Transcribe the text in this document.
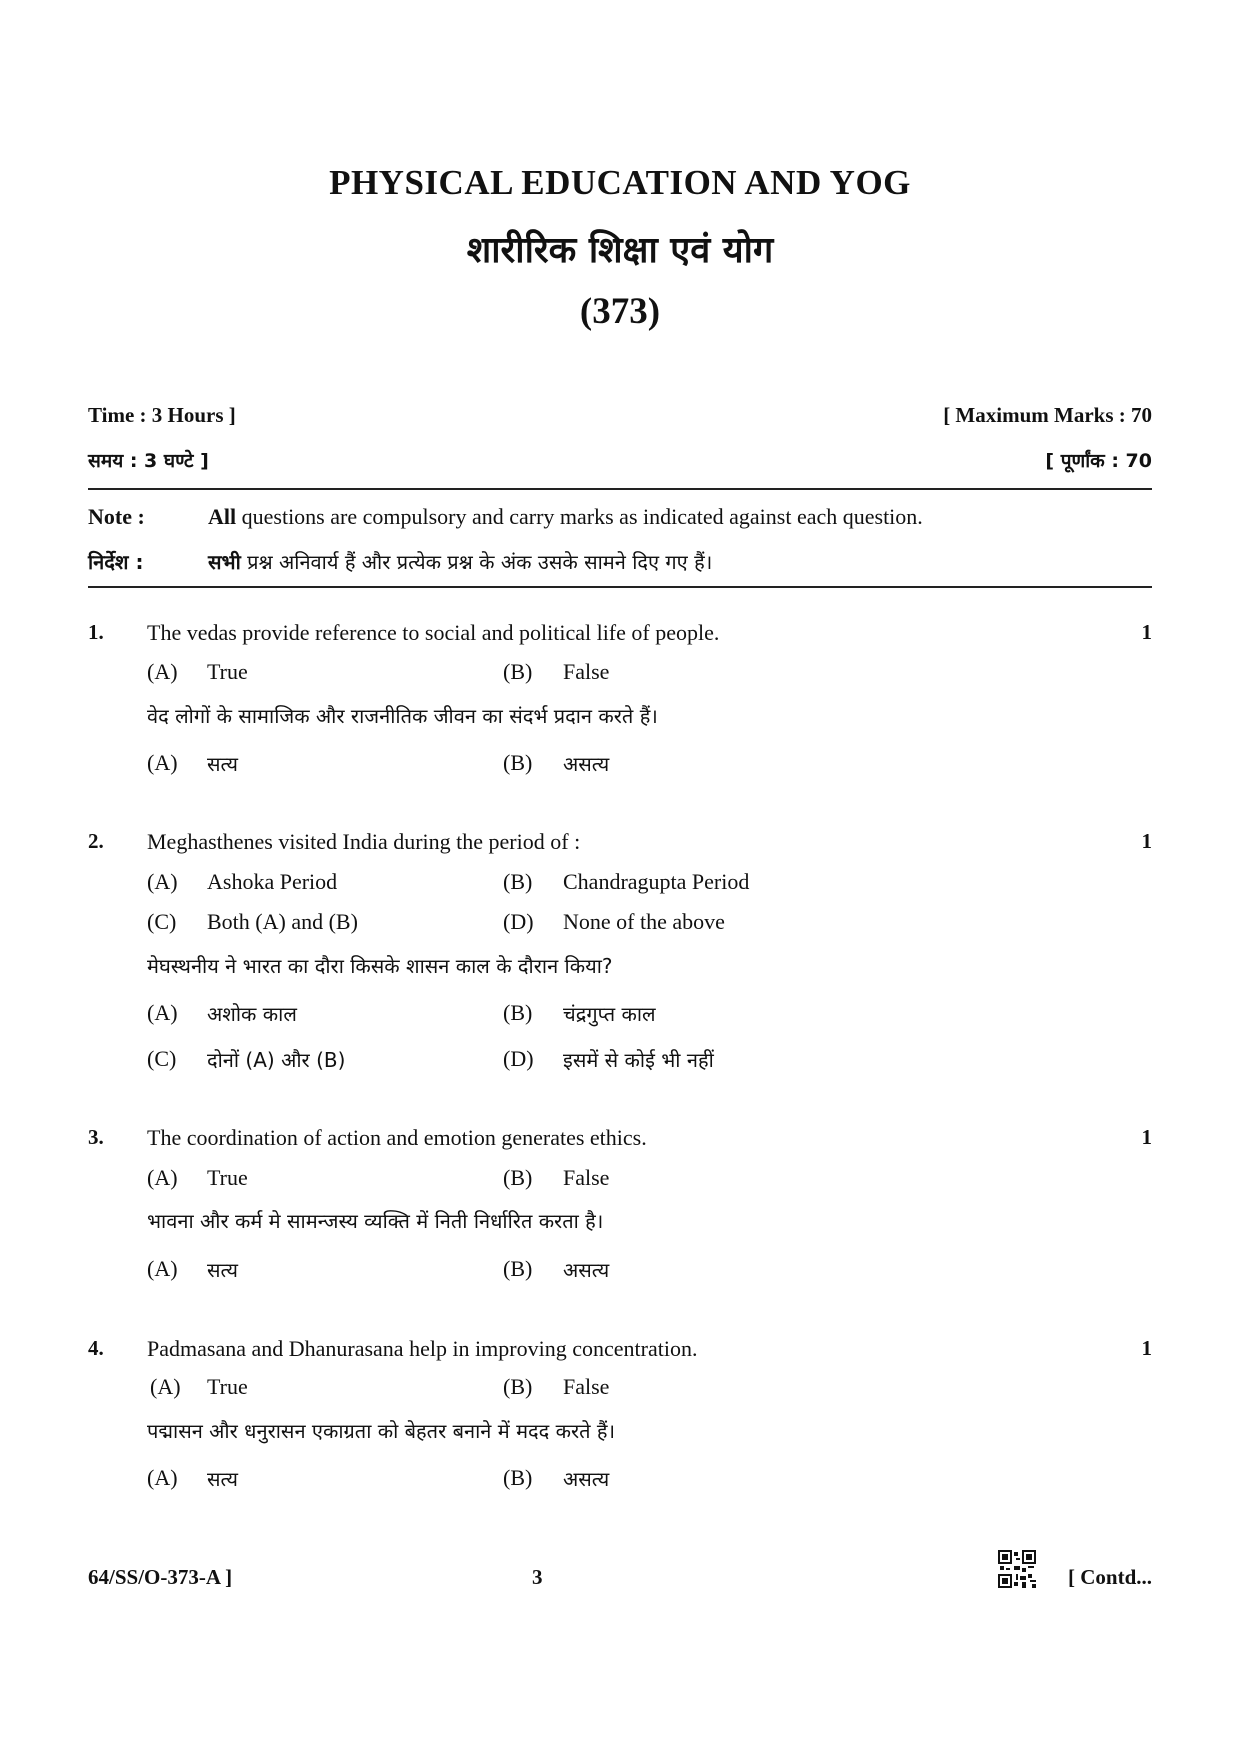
PHYSICAL EDUCATION AND YOG
शारीरिक शिक्षा एवं योग
(373)
Time : 3 Hours ]	[ Maximum Marks : 70
समय : 3 घण्टे ]	[ पूर्णांक : 70
Note :	All questions are compulsory and carry marks as indicated against each question.
निर्देश :	सभी प्रश्न अनिवार्य हैं और प्रत्येक प्रश्न के अंक उसके सामने दिए गए हैं।
1. The vedas provide reference to social and political life of people.	1
(A) True	(B) False
वेद लोगों के सामाजिक और राजनीतिक जीवन का संदर्भ प्रदान करते हैं।
(A) सत्य	(B) असत्य
2. Meghasthenes visited India during the period of :	1
(A) Ashoka Period	(B) Chandragupta Period
(C) Both (A) and (B)	(D) None of the above
मेघस्थनीय ने भारत का दौरा किसके शासन काल के दौरान किया?
(A) अशोक काल	(B) चंद्रगुप्त काल
(C) दोनों (A) और (B)	(D) इसमें से कोई भी नहीं
3. The coordination of action and emotion generates ethics.	1
(A) True	(B) False
भावना और कर्म मे सामन्जस्य व्यक्ति में निती निर्धारित करता है।
(A) सत्य	(B) असत्य
4. Padmasana and Dhanurasana help in improving concentration.	1
(A) True	(B) False
पद्मासन और धनुरासन एकाग्रता को बेहतर बनाने में मदद करते हैं।
(A) सत्य	(B) असत्य
64/SS/O-373-A ]	3	[ Contd...
